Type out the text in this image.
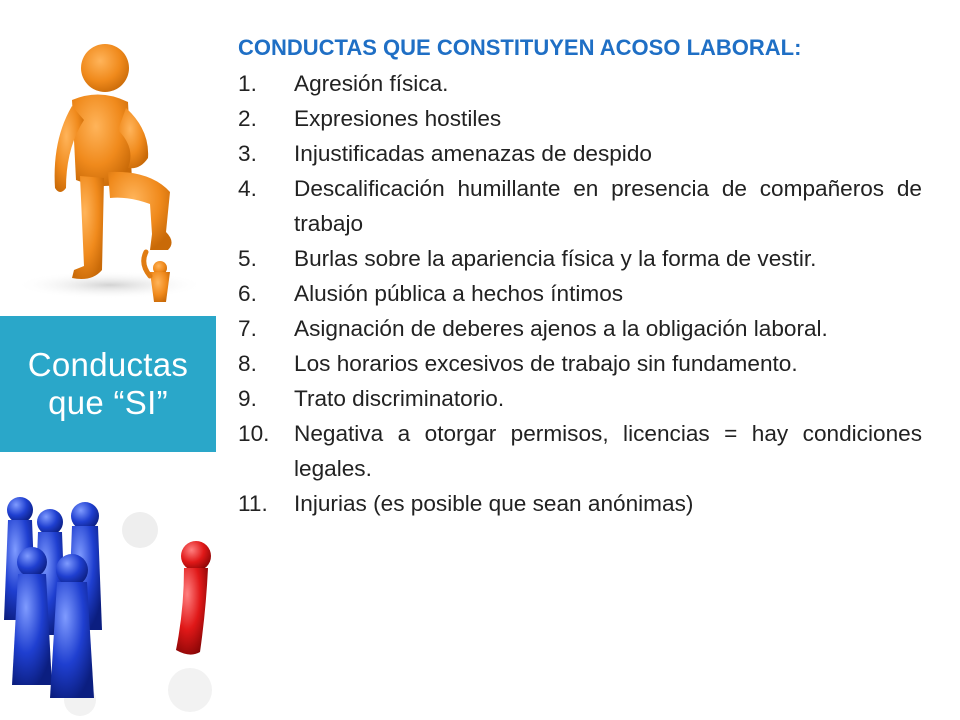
Conductas
que “SI”
CONDUCTAS QUE CONSTITUYEN ACOSO LABORAL:
1.	Agresión física.
2.	Expresiones hostiles
3.	Injustificadas amenazas de despido
4.	Descalificación humillante en presencia de compañeros de trabajo
5.	Burlas sobre la apariencia física y la forma de vestir.
6.	Alusión pública a hechos íntimos
7.	Asignación de deberes ajenos a la obligación laboral.
8.	Los horarios excesivos de trabajo sin fundamento.
9.	Trato discriminatorio.
10.	Negativa a otorgar permisos, licencias = hay condiciones legales.
11.	Injurias (es posible que sean anónimas)
